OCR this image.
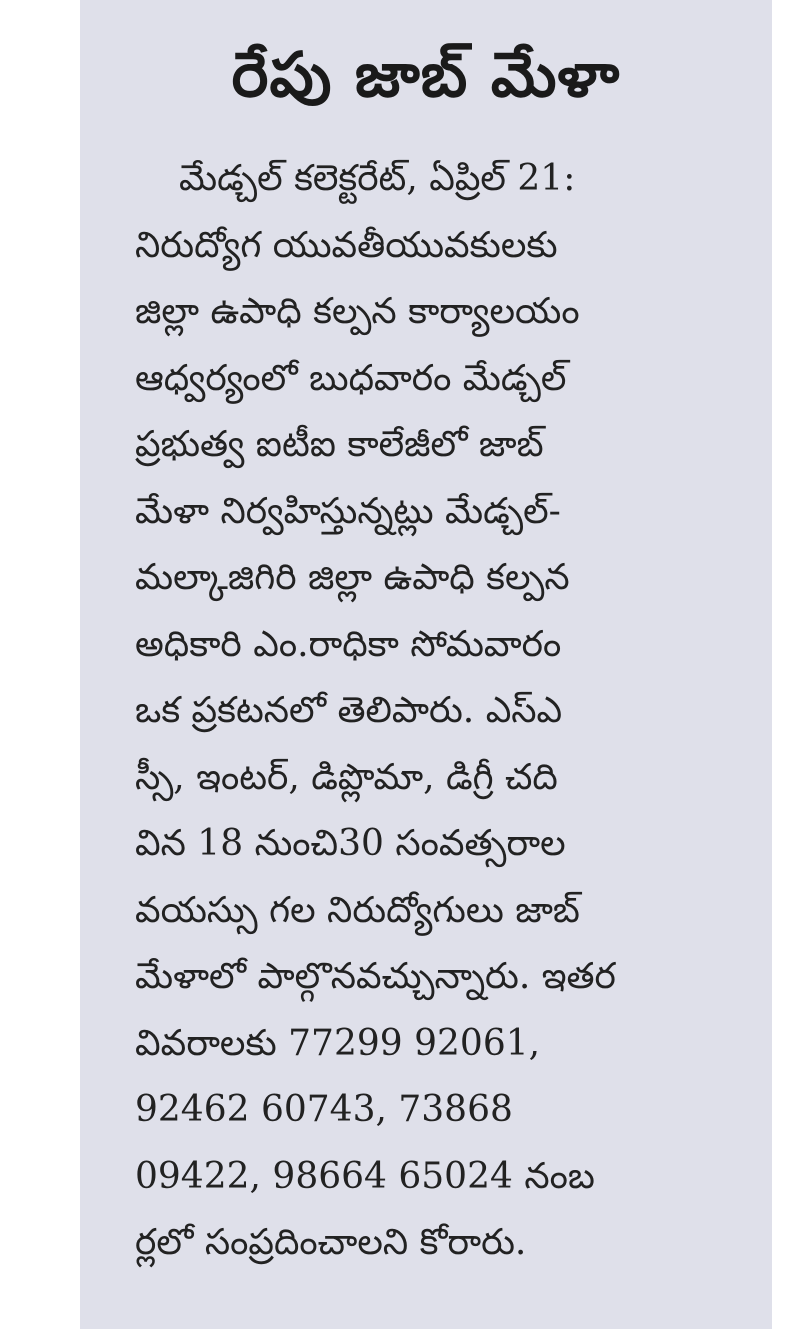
రేపు జాబ్ మేళా
మేడ్చల్ కలెక్టరేట్, ఏప్రిల్ 21:
నిరుద్యోగ యువతీయువకులకు
జిల్లా ఉపాధి కల్పన కార్యాలయం
ఆధ్వర్యంలో బుధవారం మేడ్చల్
ప్రభుత్వ ఐటీఐ కాలేజీలో జాబ్
మేళా నిర్వహిస్తున్నట్లు మేడ్చల్-
మల్కాజిగిరి జిల్లా ఉపాధి కల్పన
అధికారి ఎం.రాధికా సోమవారం
ఒక ప్రకటనలో తెలిపారు. ఎస్ఎ
స్సీ, ఇంటర్, డిప్లొమా, డిగ్రీ చది
విన 18 నుంచి30 సంవత్సరాల
వయస్సు గల నిరుద్యోగులు జాబ్
మేళాలో పాల్గొనవచ్చున్నారు. ఇతర
వివరాలకు 77299 92061,
92462 60743, 73868
09422, 98664 65024 నంబ
ర్లలో సంప్రదించాలని కోరారు.
